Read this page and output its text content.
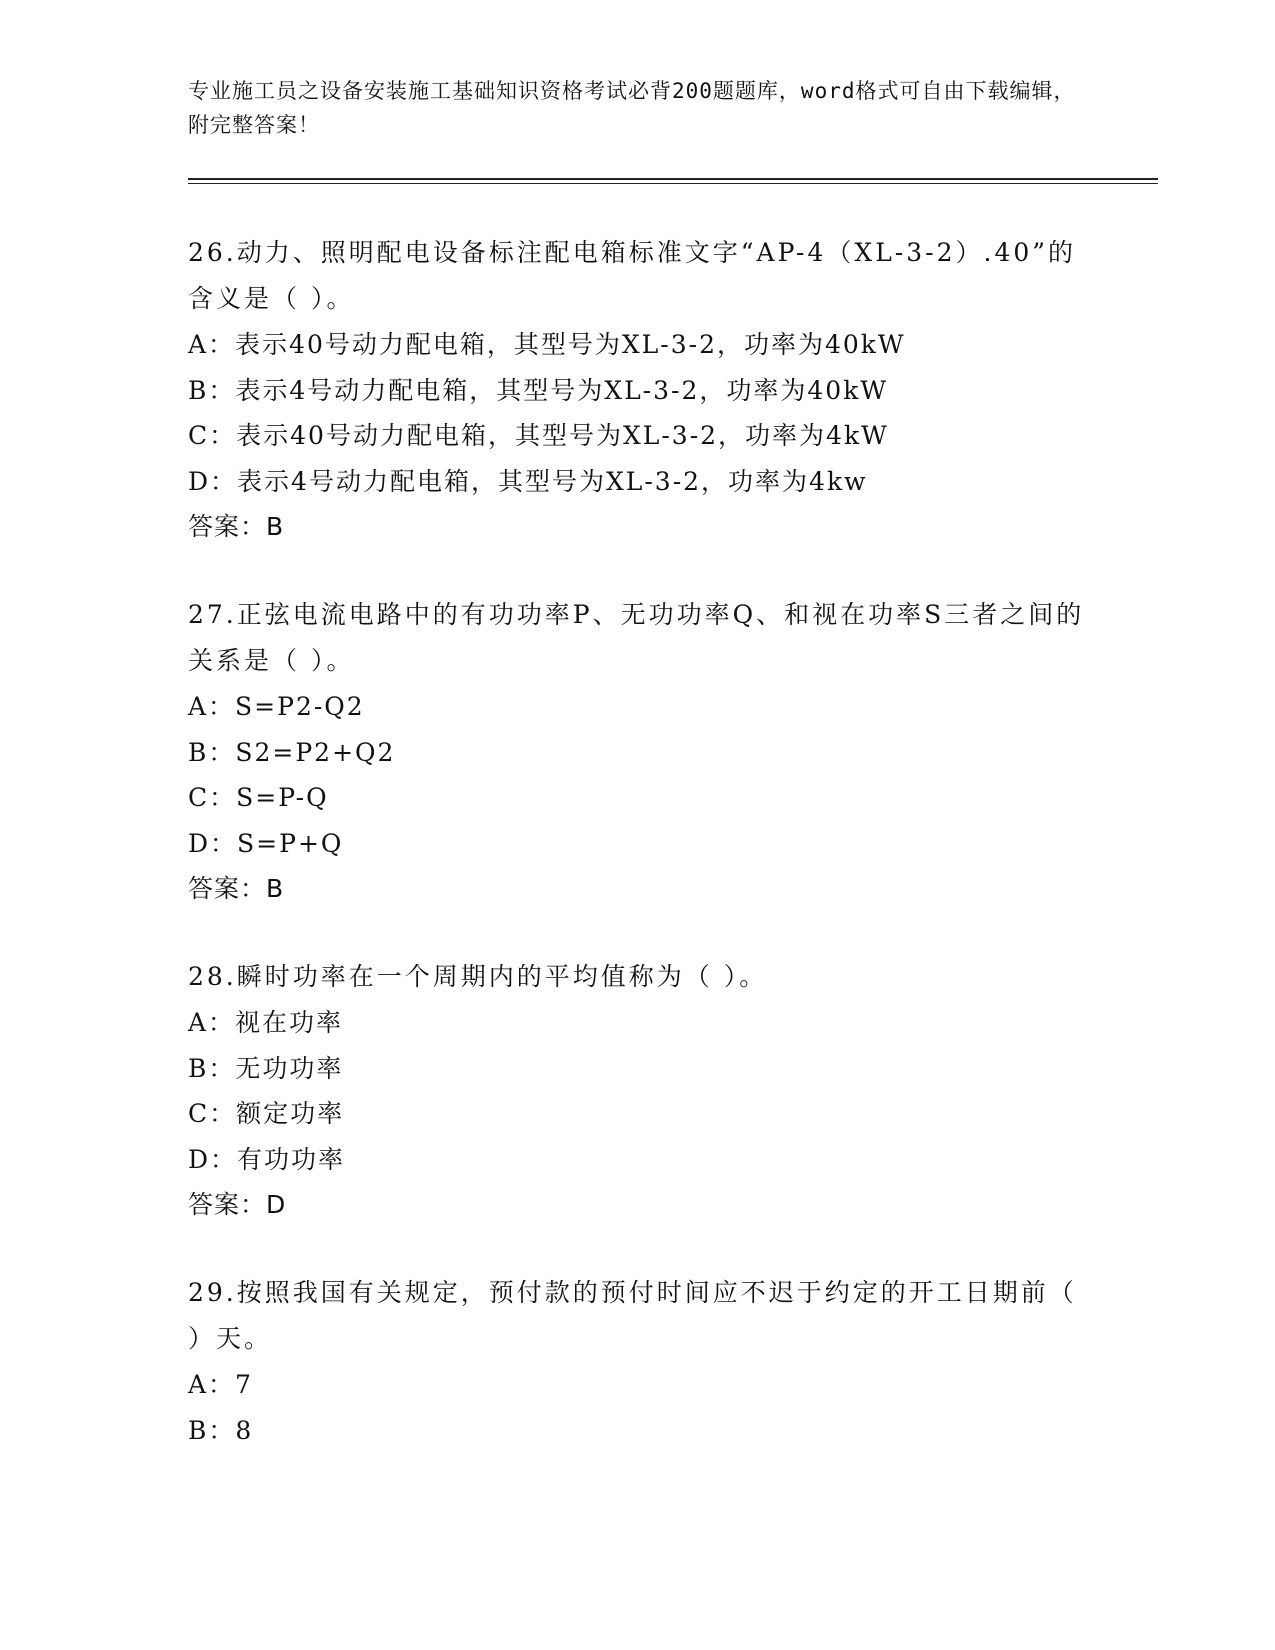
专业施工员之设备安装施工基础知识资格考试必背200题题库，word格式可自由下载编辑，附完整答案！
26.动力、照明配电设备标注配电箱标准文字“AP-4（XL-3-2）.40”的含义是（ ）。
A：表示40号动力配电箱，其型号为XL-3-2，功率为40kW
B：表示4号动力配电箱，其型号为XL-3-2，功率为40kW
C：表示40号动力配电箱，其型号为XL-3-2，功率为4kW
D：表示4号动力配电箱，其型号为XL-3-2，功率为4kw
答案：B
27.正弦电流电路中的有功功率P、无功功率Q、和视在功率S三者之间的关系是（ ）。
A：S=P2-Q2
B：S2=P2+Q2
C：S=P-Q
D：S=P+Q
答案：B
28.瞬时功率在一个周期内的平均值称为（ ）。
A：视在功率
B：无功功率
C：额定功率
D：有功功率
答案：D
29.按照我国有关规定，预付款的预付时间应不迟于约定的开工日期前（ ）天。
A：7
B：8
